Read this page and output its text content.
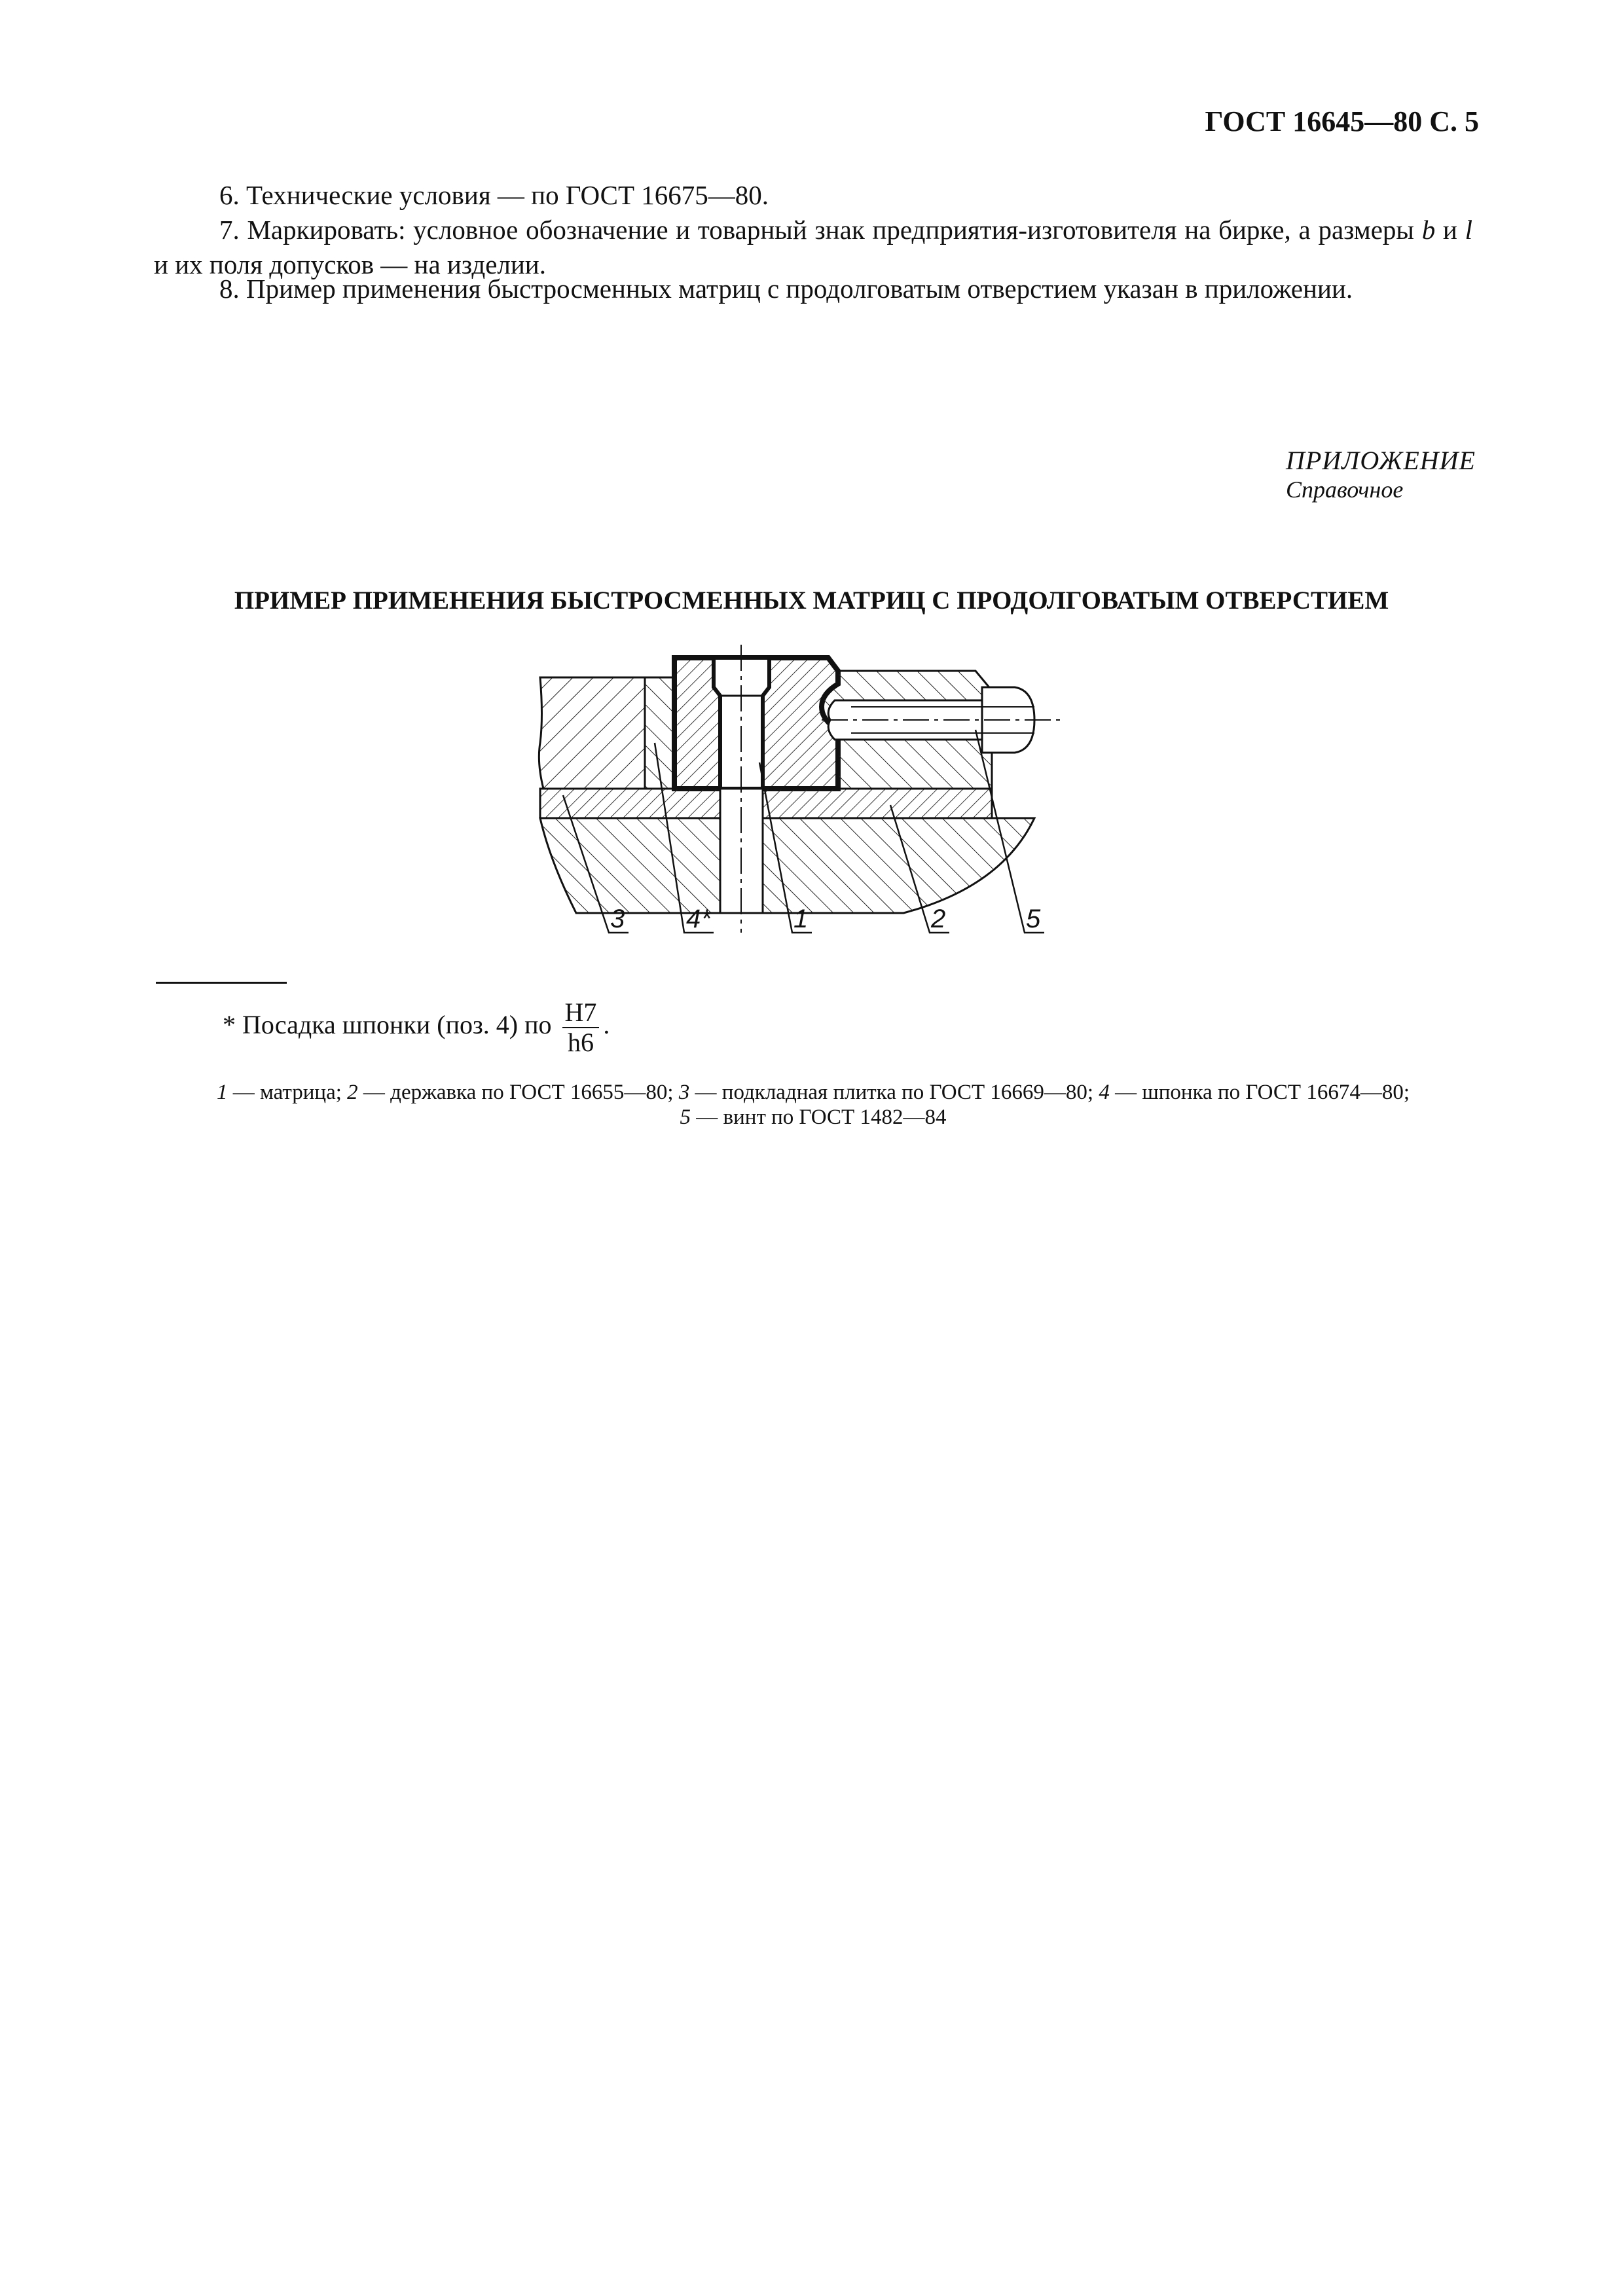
ГОСТ 16645—80 С. 5
6. Технические условия — по ГОСТ 16675—80.
7. Маркировать: условное обозначение и товарный знак предприятия-изготовителя на бирке, а размеры b и l и их поля допусков — на изделии.
8. Пример применения быстросменных матриц с продолговатым отверстием указан в приложении.
ПРИЛОЖЕНИЕ
Справочное
ПРИМЕР ПРИМЕНЕНИЯ БЫСТРОСМЕННЫХ МАТРИЦ С ПРОДОЛГОВАТЫМ ОТВЕРСТИЕМ
3 4*	1	2	5
* Посадка шпонки (поз. 4) по $\frac{H7}{h6}$ .
1 — матрица; 2 — державка по ГОСТ 16655—80; 3 — подкладная плитка по ГОСТ 16669—80; 4 — шпонка по ГОСТ 16674—80;
5 — винт по ГОСТ 1482—84
